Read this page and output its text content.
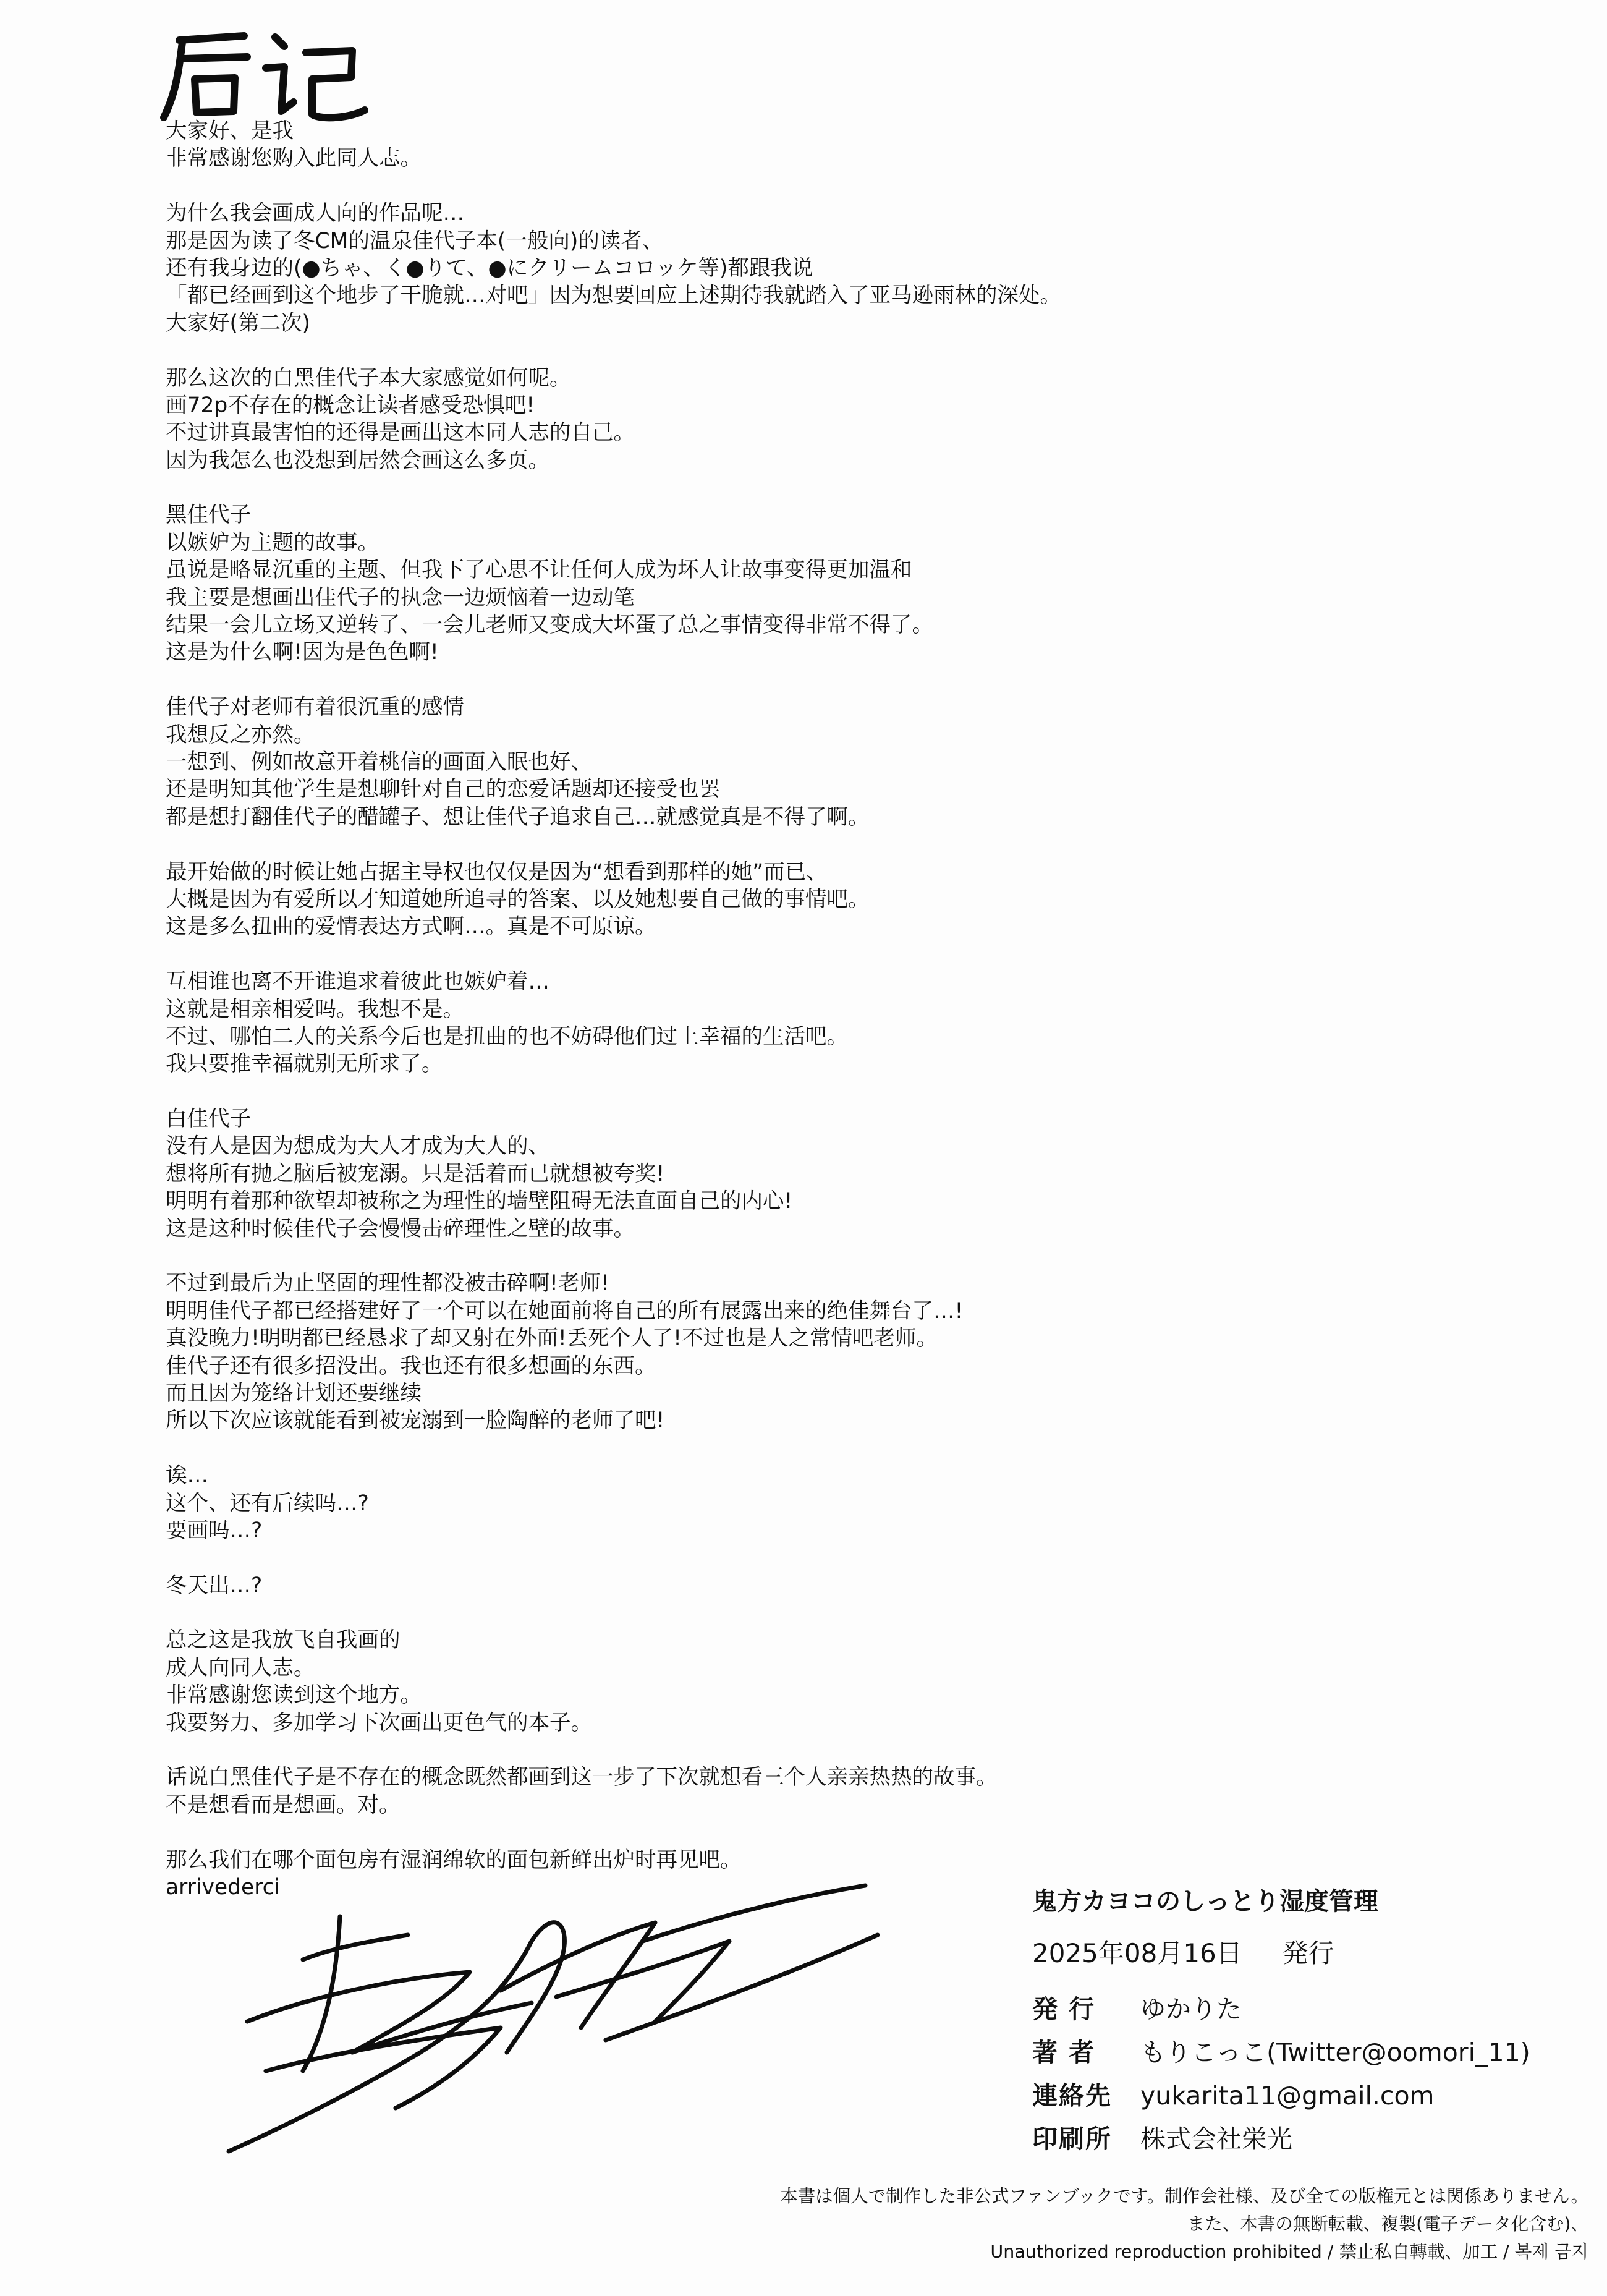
大家好、是我
非常感谢您购入此同人志。
为什么我会画成人向的作品呢…
那是因为读了冬CM的温泉佳代子本(一般向)的读者、
还有我身边的(●ちゃ、く●りて、●にクリームコロッケ等)都跟我说
「都已经画到这个地步了干脆就…对吧」因为想要回应上述期待我就踏入了亚马逊雨林的深处。
大家好(第二次)
那么这次的白黑佳代子本大家感觉如何呢。
画72p不存在的概念让读者感受恐惧吧!
不过讲真最害怕的还得是画出这本同人志的自己。
因为我怎么也没想到居然会画这么多页。
黑佳代子
以嫉妒为主题的故事。
虽说是略显沉重的主题、但我下了心思不让任何人成为坏人让故事变得更加温和
我主要是想画出佳代子的执念一边烦恼着一边动笔
结果一会儿立场又逆转了、一会儿老师又变成大坏蛋了总之事情变得非常不得了。
这是为什么啊!因为是色色啊!
佳代子对老师有着很沉重的感情
我想反之亦然。
一想到、例如故意开着桃信的画面入眠也好、
还是明知其他学生是想聊针对自己的恋爱话题却还接受也罢
都是想打翻佳代子的醋罐子、想让佳代子追求自己…就感觉真是不得了啊。
最开始做的时候让她占据主导权也仅仅是因为“想看到那样的她”而已、
大概是因为有爱所以才知道她所追寻的答案、以及她想要自己做的事情吧。
这是多么扭曲的爱情表达方式啊…。真是不可原谅。
互相谁也离不开谁追求着彼此也嫉妒着…
这就是相亲相爱吗。我想不是。
不过、哪怕二人的关系今后也是扭曲的也不妨碍他们过上幸福的生活吧。
我只要推幸福就别无所求了。
白佳代子
没有人是因为想成为大人才成为大人的、
想将所有抛之脑后被宠溺。只是活着而已就想被夸奖!
明明有着那种欲望却被称之为理性的墙壁阻碍无法直面自己的内心!
这是这种时候佳代子会慢慢击碎理性之壁的故事。
不过到最后为止坚固的理性都没被击碎啊!老师!
明明佳代子都已经搭建好了一个可以在她面前将自己的所有展露出来的绝佳舞台了…!
真没晚力!明明都已经恳求了却又射在外面!丢死个人了!不过也是人之常情吧老师。
佳代子还有很多招没出。我也还有很多想画的东西。
而且因为笼络计划还要继续
所以下次应该就能看到被宠溺到一脸陶醉的老师了吧!
诶…
这个、还有后续吗…?
要画吗…?
冬天出…?
总之这是我放飞自我画的
成人向同人志。
非常感谢您读到这个地方。
我要努力、多加学习下次画出更色气的本子。
话说白黑佳代子是不存在的概念既然都画到这一步了下次就想看三个人亲亲热热的故事。
不是想看而是想画。对。
那么我们在哪个面包房有湿润绵软的面包新鲜出炉时再见吧。
arrivederci	鬼方カヨコのしっとり湿度管理
2025年08月16日 発行
発 行	ゆかりた
著 者	もりこっこ(Twitter@oomori_11)
連絡先	yukarita11@gmail.com
印刷所	株式会社栄光
本書は個人で制作した非公式ファンブックです。制作会社様、及び全ての版権元とは関係ありません。
また、本書の無断転載、複製(電子データ化含む)、
Unauthorized reproduction prohibited / 禁止私自轉載、加工 / 복제 금지
